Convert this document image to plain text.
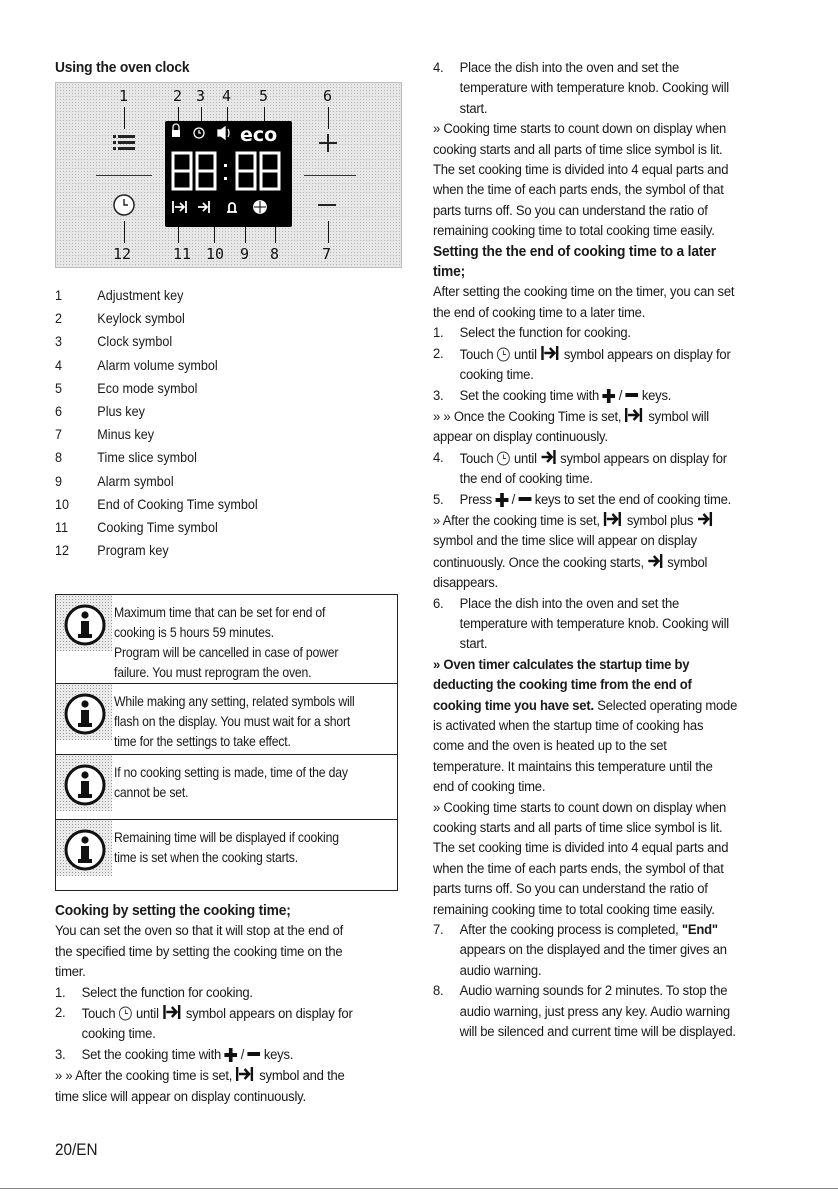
Using the oven clock
1	2 3 4 5	6
12	11 10 9 8	7
eco
1	Adjustment key
2	Keylock symbol
3	Clock symbol
4	Alarm volume symbol
5	Eco mode symbol
6	Plus key
7	Minus key
8	Time slice symbol
9	Alarm symbol
10 End of Cooking Time symbol
11 Cooking Time symbol
12 Program key
Maximum time that can be set for end of
cooking is 5 hours 59 minutes.
Program will be cancelled in case of power
failure. You must reprogram the oven.
While making any setting, related symbols will
flash on the display. You must wait for a short
time for the settings to take effect.
If no cooking setting is made, time of the day
cannot be set.
Remaining time will be displayed if cooking
time is set when the cooking starts.
Cooking by setting the cooking time;
You can set the oven so that it will stop at the end of
the specified time by setting the cooking time on the
timer.
1. Select the function for cooking.
2. Touch until symbol appears on display for
cooking time.
3. Set the cooking time with / keys.
» » After the cooking time is set, symbol and the
time slice will appear on display continuously.
4. Place the dish into the oven and set the
temperature with temperature knob. Cooking will
start.
» Cooking time starts to count down on display when
cooking starts and all parts of time slice symbol is lit.
The set cooking time is divided into 4 equal parts and
when the time of each parts ends, the symbol of that
parts turns off. So you can understand the ratio of
remaining cooking time to total cooking time easily.
Setting the the end of cooking time to a later
time;
After setting the cooking time on the timer, you can set
the end of cooking time to a later time.
1. Select the function for cooking.
2. Touch until symbol appears on display for
cooking time.
3. Set the cooking time with / keys.
» » Once the Cooking Time is set, symbol will
appear on display continuously.
4. Touch until symbol appears on display for
the end of cooking time.
5. Press / keys to set the end of cooking time.
» After the cooking time is set, symbol plus
symbol and the time slice will appear on display
continuously. Once the cooking starts, symbol
disappears.
6. Place the dish into the oven and set the
temperature with temperature knob. Cooking will
start.
» Oven timer calculates the startup time by
deducting the cooking time from the end of
cooking time you have set. Selected operating mode
is activated when the startup time of cooking has
come and the oven is heated up to the set
temperature. It maintains this temperature until the
end of cooking time.
» Cooking time starts to count down on display when
cooking starts and all parts of time slice symbol is lit.
The set cooking time is divided into 4 equal parts and
when the time of each parts ends, the symbol of that
parts turns off. So you can understand the ratio of
remaining cooking time to total cooking time easily.
7. After the cooking process is completed, "End"
appears on the displayed and the timer gives an
audio warning.
8. Audio warning sounds for 2 minutes. To stop the
audio warning, just press any key. Audio warning
will be silenced and current time will be displayed.
20/EN
